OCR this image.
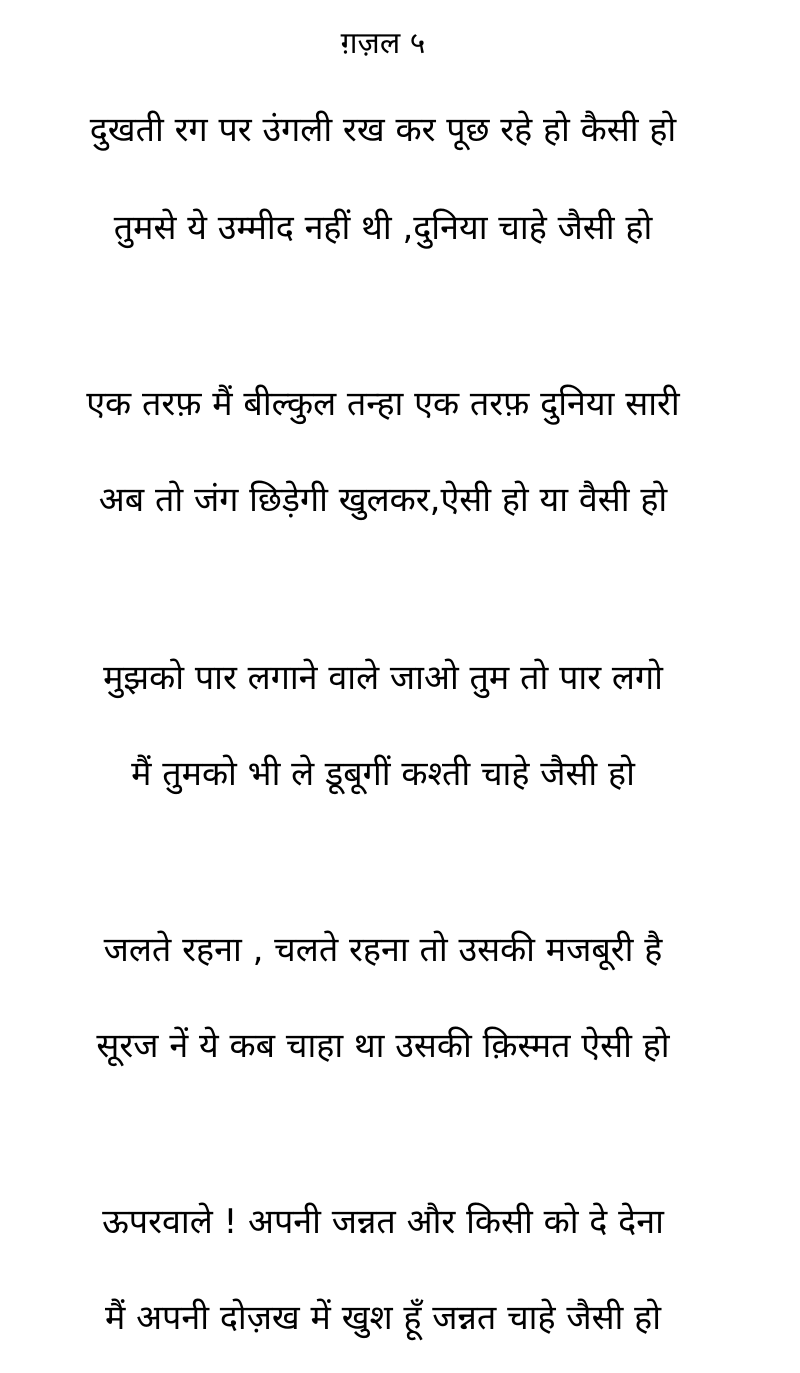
ग़ज़ल ५
दुखती रग पर उंगली रख कर पूछ रहे हो कैसी हो
तुमसे ये उम्मीद नहीं थी ,दुनिया चाहे जैसी हो
एक तरफ़ मैं बील्कुल तन्हा एक तरफ़ दुनिया सारी
अब तो जंग छिड़ेगी खुलकर,ऐसी हो या वैसी हो
मुझको पार लगाने वाले जाओ तुम तो पार लगो
मैं तुमको भी ले डूबूगीं कश्ती चाहे जैसी हो
जलते रहना , चलते रहना तो उसकी मजबूरी है
सूरज नें ये कब चाहा था उसकी क़िस्मत ऐसी हो
ऊपरवाले ! अपनी जन्नत और किसी को दे देना
मैं अपनी दोज़ख में खुश हूँ जन्नत चाहे जैसी हो
